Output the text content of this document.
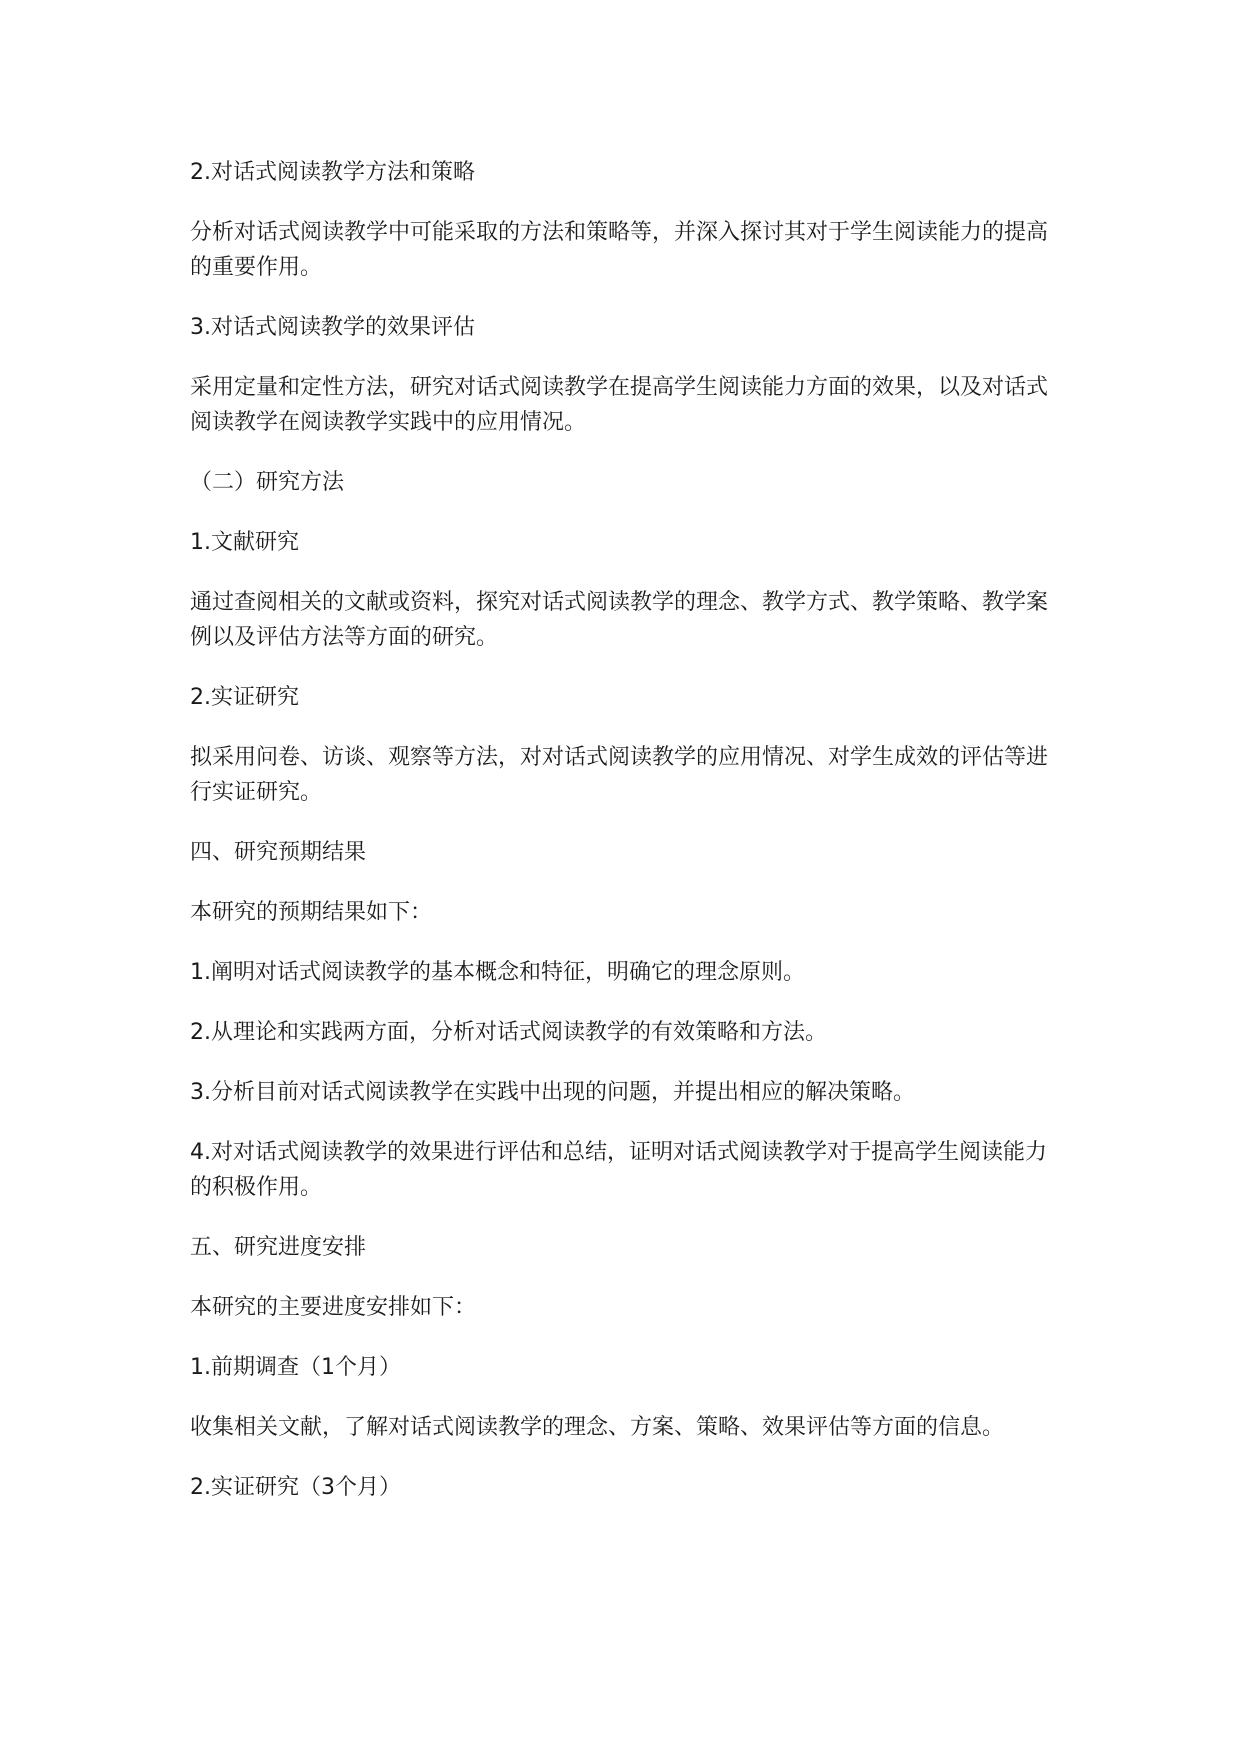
2.对话式阅读教学方法和策略

分析对话式阅读教学中可能采取的方法和策略等，并深入探讨其对于学生阅读能力的提高的重要作用。

3.对话式阅读教学的效果评估

采用定量和定性方法，研究对话式阅读教学在提高学生阅读能力方面的效果，以及对话式阅读教学在阅读教学实践中的应用情况。

（二）研究方法

1.文献研究

通过查阅相关的文献或资料，探究对话式阅读教学的理念、教学方式、教学策略、教学案例以及评估方法等方面的研究。

2.实证研究

拟采用问卷、访谈、观察等方法，对对话式阅读教学的应用情况、对学生成效的评估等进行实证研究。

四、研究预期结果

本研究的预期结果如下：

1.阐明对话式阅读教学的基本概念和特征，明确它的理念原则。

2.从理论和实践两方面，分析对话式阅读教学的有效策略和方法。

3.分析目前对话式阅读教学在实践中出现的问题，并提出相应的解决策略。

4.对对话式阅读教学的效果进行评估和总结，证明对话式阅读教学对于提高学生阅读能力的积极作用。

五、研究进度安排

本研究的主要进度安排如下：

1.前期调查（1个月）

收集相关文献，了解对话式阅读教学的理念、方案、策略、效果评估等方面的信息。

2.实证研究（3个月）
